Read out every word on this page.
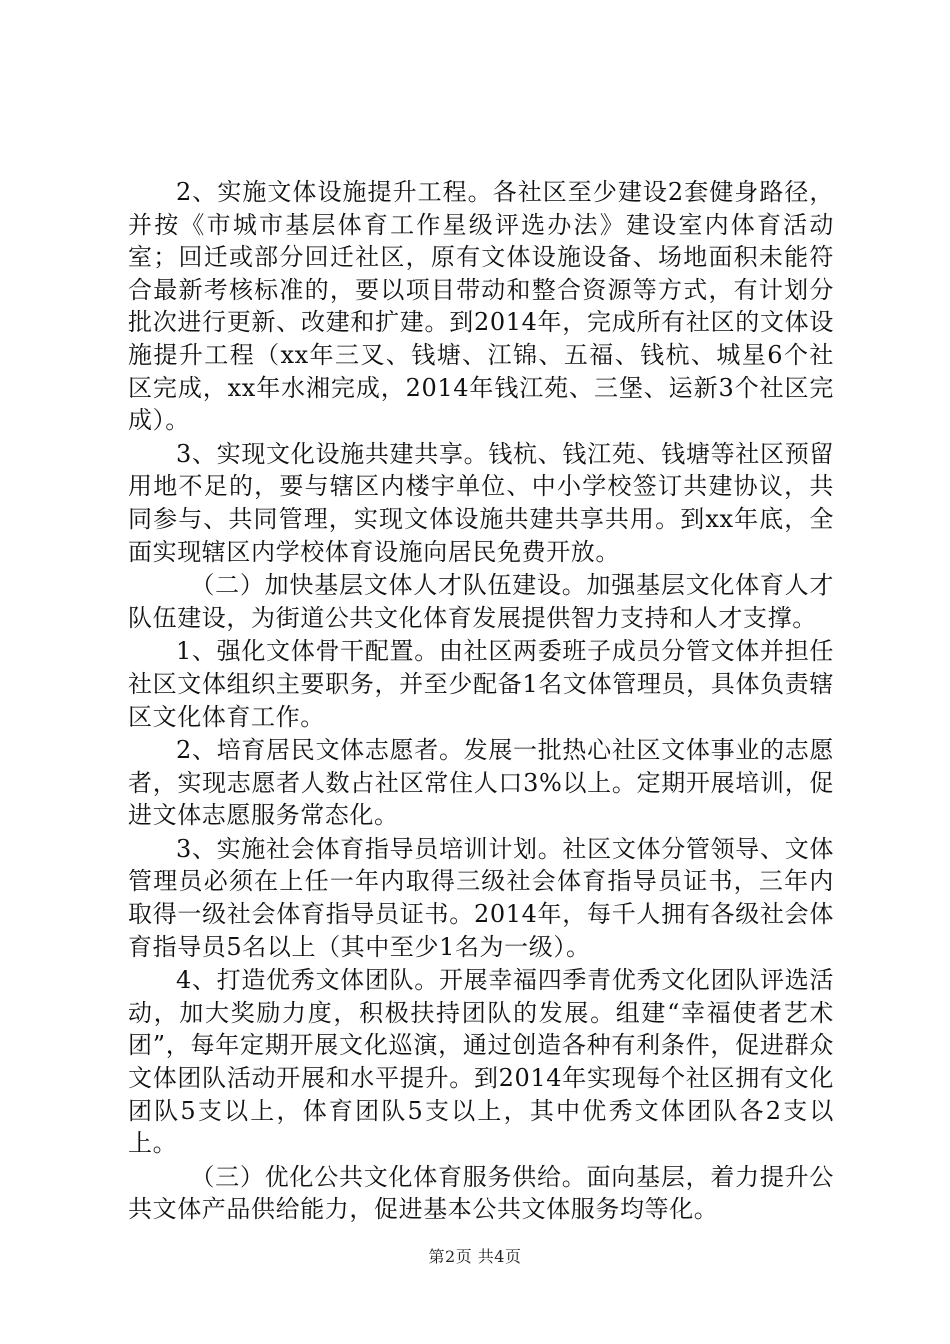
2、实施文体设施提升工程。各社区至少建设2套健身路径，并按《市城市基层体育工作星级评选办法》建设室内体育活动室；回迁或部分回迁社区，原有文体设施设备、场地面积未能符合最新考核标准的，要以项目带动和整合资源等方式，有计划分批次进行更新、改建和扩建。到2014年，完成所有社区的文体设施提升工程（xx年三叉、钱塘、江锦、五福、钱杭、城星6个社区完成，xx年水湘完成，2014年钱江苑、三堡、运新3个社区完成）。

3、实现文化设施共建共享。钱杭、钱江苑、钱塘等社区预留用地不足的，要与辖区内楼宇单位、中小学校签订共建协议，共同参与、共同管理，实现文体设施共建共享共用。到xx年底，全面实现辖区内学校体育设施向居民免费开放。

（二）加快基层文体人才队伍建设。加强基层文化体育人才队伍建设，为街道公共文化体育发展提供智力支持和人才支撑。

1、强化文体骨干配置。由社区两委班子成员分管文体并担任社区文体组织主要职务，并至少配备1名文体管理员，具体负责辖区文化体育工作。

2、培育居民文体志愿者。发展一批热心社区文体事业的志愿者，实现志愿者人数占社区常住人口3%以上。定期开展培训，促进文体志愿服务常态化。

3、实施社会体育指导员培训计划。社区文体分管领导、文体管理员必须在上任一年内取得三级社会体育指导员证书，三年内取得一级社会体育指导员证书。2014年，每千人拥有各级社会体育指导员5名以上（其中至少1名为一级）。

4、打造优秀文体团队。开展幸福四季青优秀文化团队评选活动，加大奖励力度，积极扶持团队的发展。组建“幸福使者艺术团”，每年定期开展文化巡演，通过创造各种有利条件，促进群众文体团队活动开展和水平提升。到2014年实现每个社区拥有文化团队5支以上，体育团队5支以上，其中优秀文体团队各2支以上。

（三）优化公共文化体育服务供给。面向基层，着力提升公共文体产品供给能力，促进基本公共文体服务均等化。

第2页 共4页
